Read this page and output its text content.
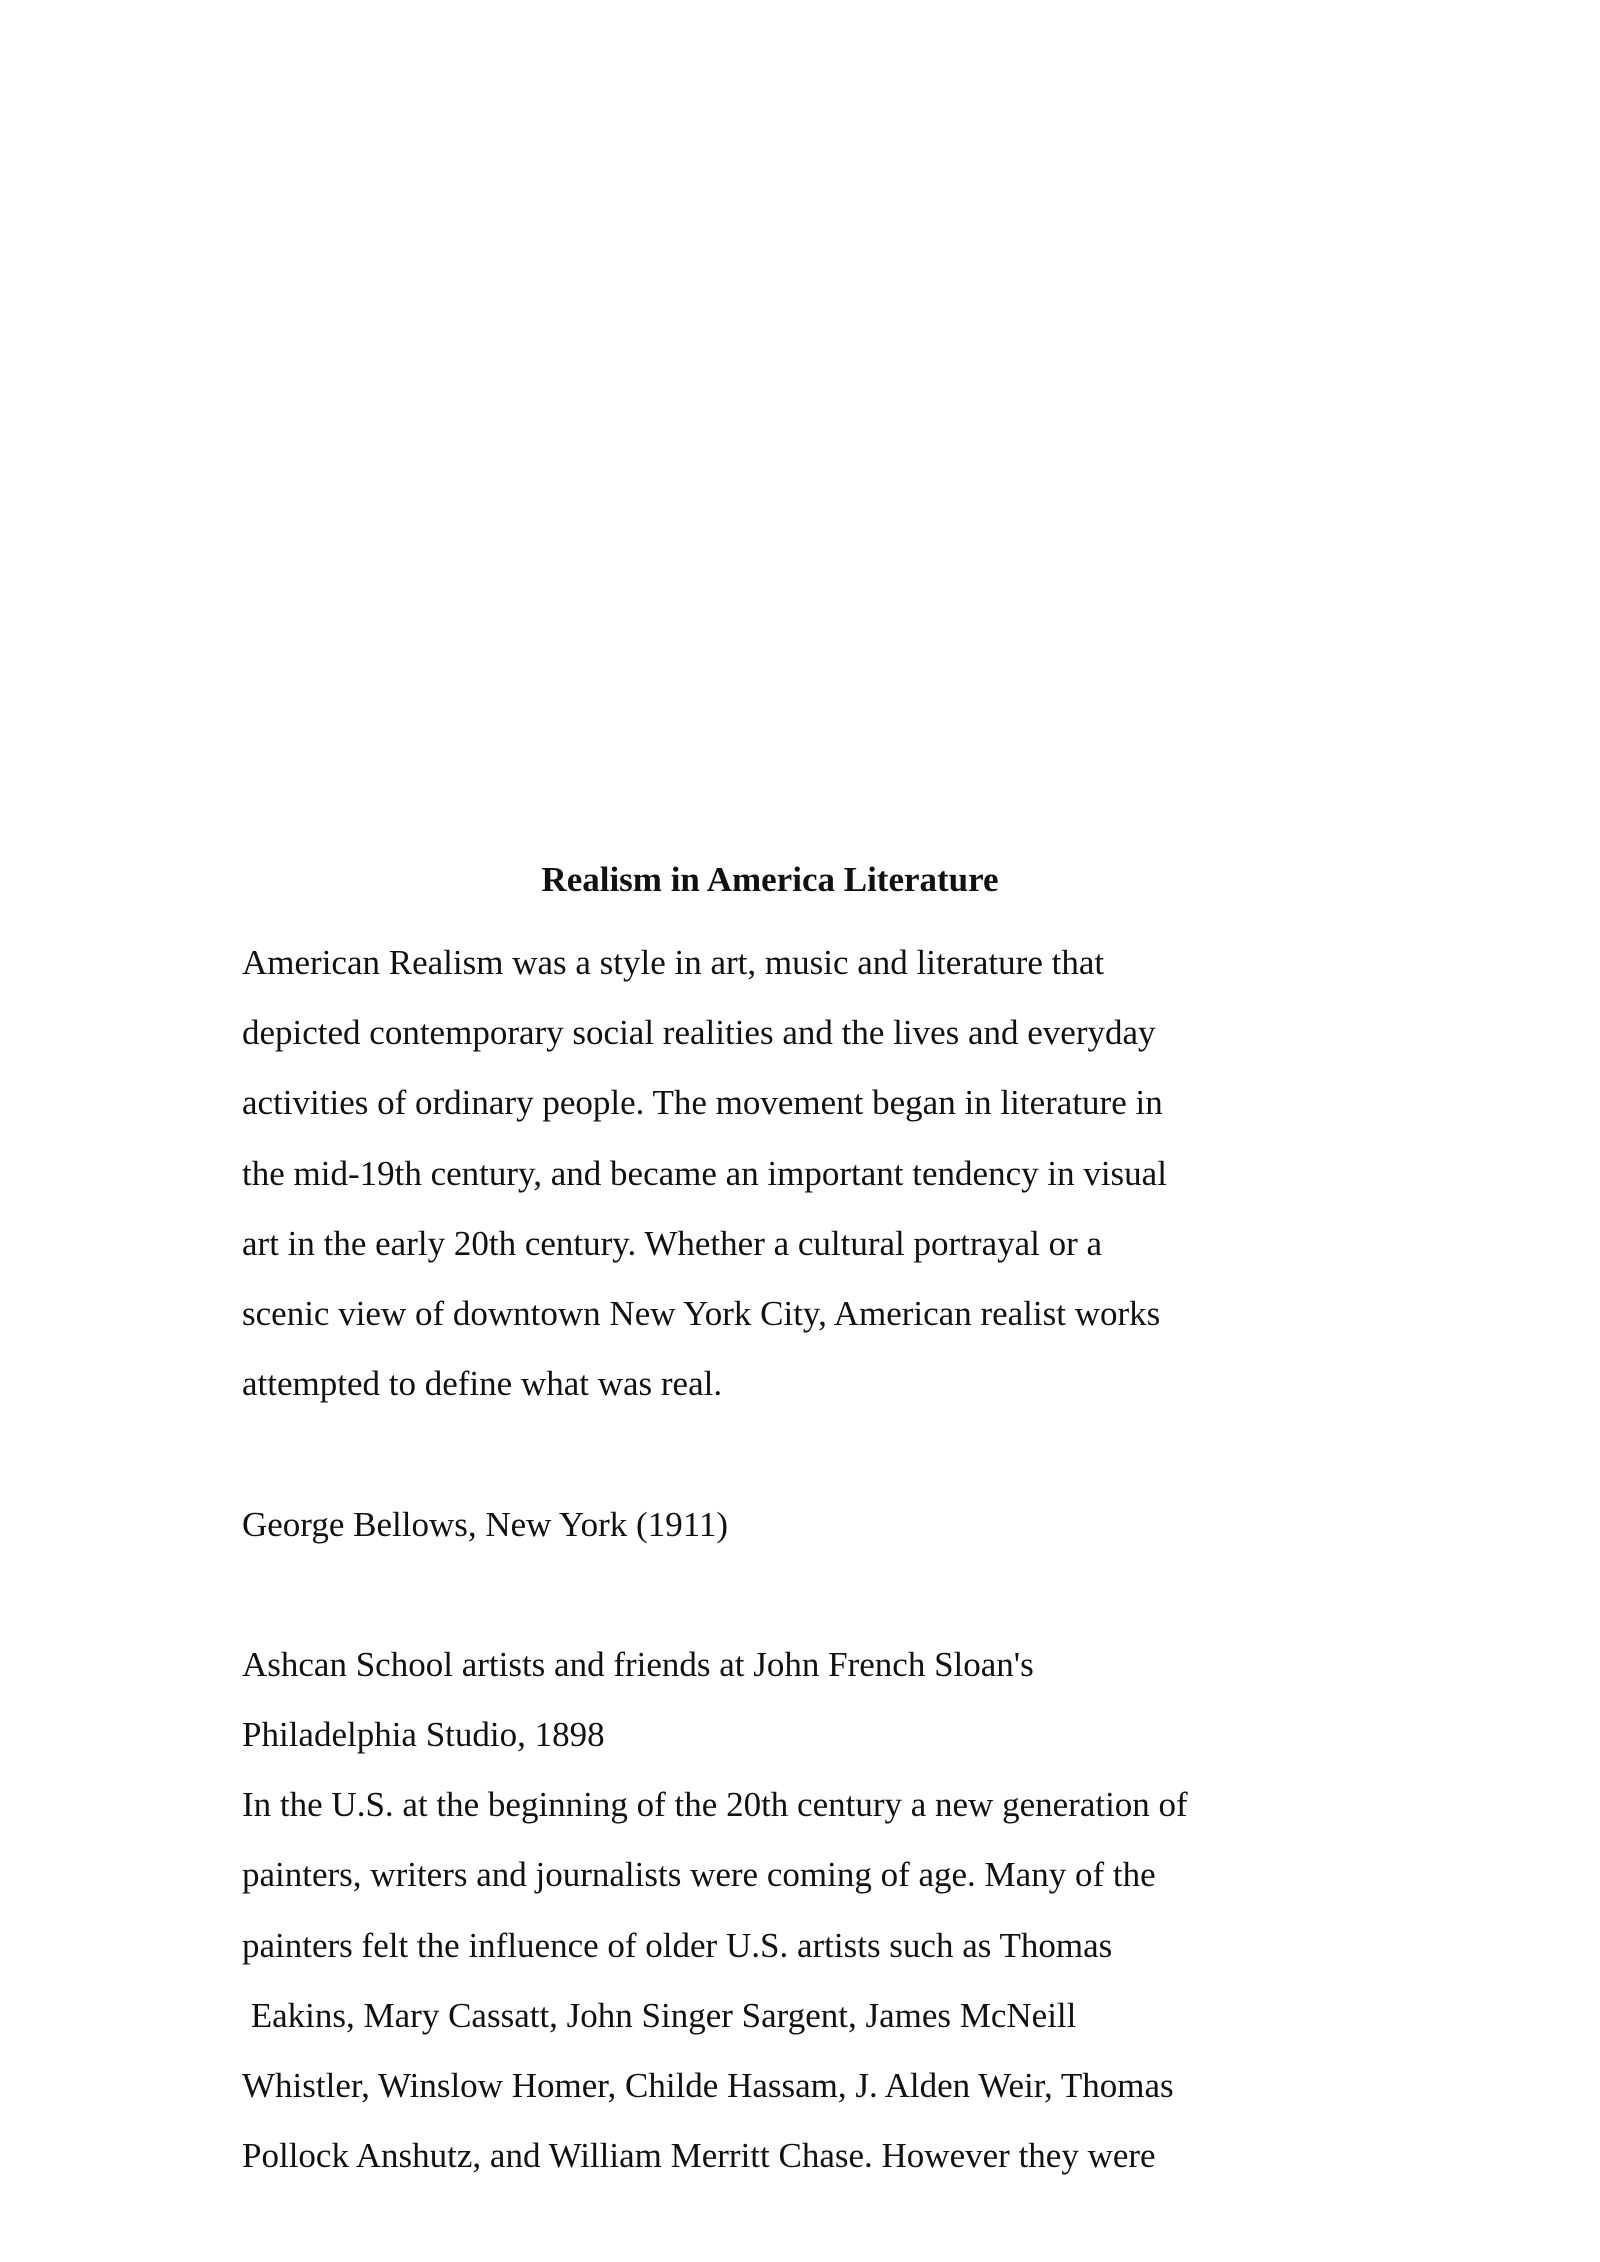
Realism in America Literature

American Realism was a style in art, music and literature that

depicted contemporary social realities and the lives and everyday

activities of ordinary people. The movement began in literature in

the mid-19th century, and became an important tendency in visual

art in the early 20th century. Whether a cultural portrayal or a

scenic view of downtown New York City, American realist works

attempted to define what was real.

George Bellows, New York (1911)

Ashcan School artists and friends at John French Sloan's

Philadelphia Studio, 1898

In the U.S. at the beginning of the 20th century a new generation of

painters, writers and journalists were coming of age. Many of the

painters felt the influence of older U.S. artists such as Thomas

Eakins, Mary Cassatt, John Singer Sargent, James McNeill

Whistler, Winslow Homer, Childe Hassam, J. Alden Weir, Thomas

Pollock Anshutz, and William Merritt Chase. However they were
